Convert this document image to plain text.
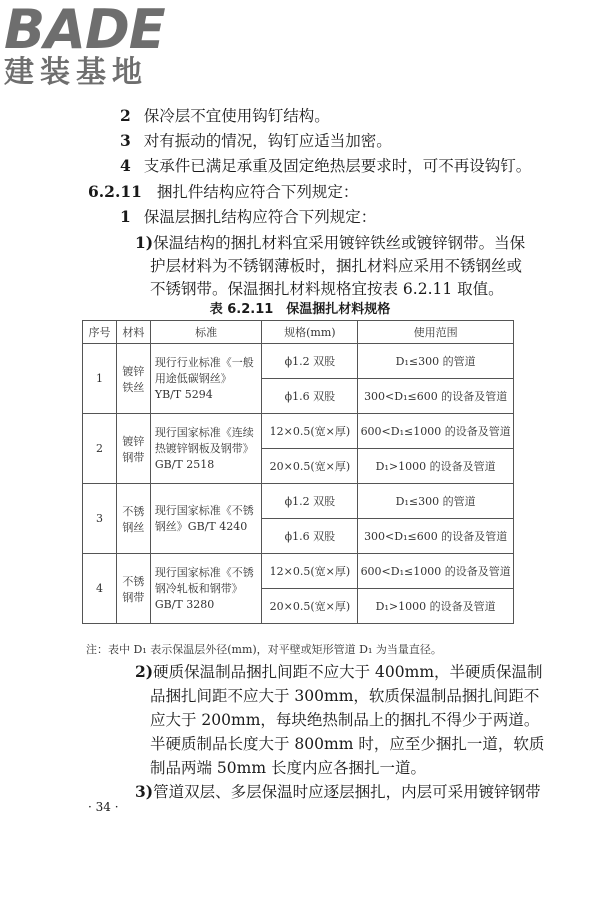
BADE
建装基地
2 保冷层不宜使用钩钉结构。
3 对有振动的情况，钩钉应适当加密。
4 支承件已满足承重及固定绝热层要求时，可不再设钩钉。
6.2.11 捆扎件结构应符合下列规定：
1 保温层捆扎结构应符合下列规定：
1)保温结构的捆扎材料宜采用镀锌铁丝或镀锌钢带。当保
护层材料为不锈钢薄板时，捆扎材料应采用不锈钢丝或
不锈钢带。保温捆扎材料规格宜按表 6.2.11 取值。
表 6.2.11　保温捆扎材料规格
序号	材料	标准	规格(mm)	使用范围
1	镀锌铁丝	现行行业标准《一般用途低碳钢丝》YB/T 5294	ϕ1.2 双股	D₁≤300 的管道
			ϕ1.6 双股	300<D₁≤600 的设备及管道
2	镀锌钢带	现行国家标准《连续热镀锌钢板及钢带》GB/T 2518	12×0.5(宽×厚)	600<D₁≤1000 的设备及管道
			20×0.5(宽×厚)	D₁>1000 的设备及管道
3	不锈钢丝	现行国家标准《不锈钢丝》GB/T 4240	ϕ1.2 双股	D₁≤300 的管道
			ϕ1.6 双股	300<D₁≤600 的设备及管道
4	不锈钢带	现行国家标准《不锈钢冷轧板和钢带》GB/T 3280	12×0.5(宽×厚)	600<D₁≤1000 的设备及管道
			20×0.5(宽×厚)	D₁>1000 的设备及管道
注：表中 D₁ 表示保温层外径(mm)，对平壁或矩形管道 D₁ 为当量直径。
2)硬质保温制品捆扎间距不应大于 400mm，半硬质保温制
品捆扎间距不应大于 300mm，软质保温制品捆扎间距不
应大于 200mm，每块绝热制品上的捆扎不得少于两道。
半硬质制品长度大于 800mm 时，应至少捆扎一道，软质
制品两端 50mm 长度内应各捆扎一道。
3)管道双层、多层保温时应逐层捆扎，内层可采用镀锌钢带
· 34 ·
